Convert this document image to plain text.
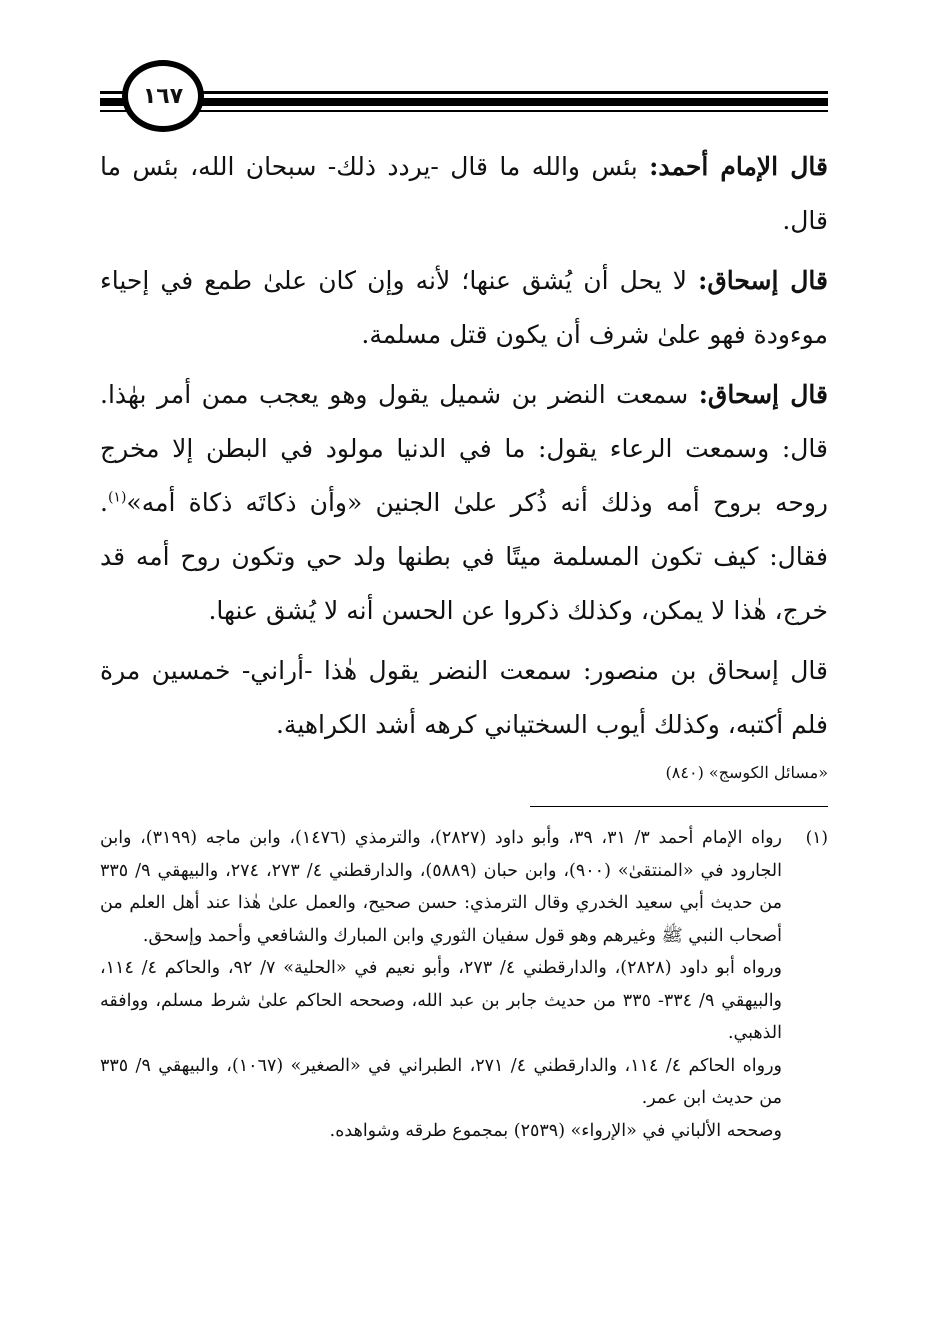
١٦٧

قال الإمام أحمد: بئس والله ما قال -يردد ذلك- سبحان الله، بئس ما قال.

قال إسحاق: لا يحل أن يُشق عنها؛ لأنه وإن كان علىٰ طمع في إحياء موءودة فهو علىٰ شرف أن يكون قتل مسلمة.

قال إسحاق: سمعت النضر بن شميل يقول وهو يعجب ممن أمر بهٰذا. قال: وسمعت الرعاء يقول: ما في الدنيا مولود في البطن إلا مخرج روحه بروح أمه وذلك أنه ذُكر علىٰ الجنين «وأن ذكاتَه ذكاة أمه»$^{(١)}$. فقال: كيف تكون المسلمة ميتًا في بطنها ولد حي وتكون روح أمه قد خرج، هٰذا لا يمكن، وكذلك ذكروا عن الحسن أنه لا يُشق عنها.

قال إسحاق بن منصور: سمعت النضر يقول هٰذا -أراني- خمسين مرة فلم أكتبه، وكذلك أيوب السختياني كرهه أشد الكراهية.

«مسائل الكوسج» (٨٤٠)
(١)

رواه الإمام أحمد ٣/ ٣١، ٣٩، وأبو داود (٢٨٢٧)، والترمذي (١٤٧٦)، وابن ماجه (٣١٩٩)، وابن الجارود في «المنتقىٰ» (٩٠٠)، وابن حبان (٥٨٨٩)، والدارقطني ٤/ ٢٧٣، ٢٧٤، والبيهقي ٩/ ٣٣٥ من حديث أبي سعيد الخدري وقال الترمذي: حسن صحيح، والعمل علىٰ هٰذا عند أهل العلم من أصحاب النبي ﷺ وغيرهم وهو قول سفيان الثوري وابن المبارك والشافعي وأحمد وإسحق.

ورواه أبو داود (٢٨٢٨)، والدارقطني ٤/ ٢٧٣، وأبو نعيم في «الحلية» ٧/ ٩٢، والحاكم ٤/ ١١٤، والبيهقي ٩/ ٣٣٤- ٣٣٥ من حديث جابر بن عبد الله، وصححه الحاكم علىٰ شرط مسلم، ووافقه الذهبي.

ورواه الحاكم ٤/ ١١٤، والدارقطني ٤/ ٢٧١، الطبراني في «الصغير» (١٠٦٧)، والبيهقي ٩/ ٣٣٥ من حديث ابن عمر.

وصححه الألباني في «الإرواء» (٢٥٣٩) بمجموع طرقه وشواهده.
